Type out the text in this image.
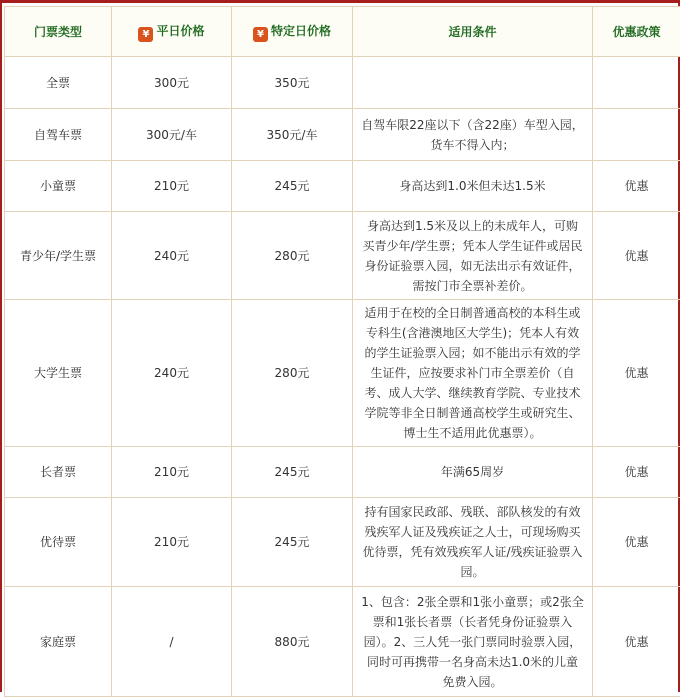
门票类型	¥ 平日价格	¥ 特定日价格	适用条件	优惠政策
全票	300元	350元		
自驾车票	300元/车	350元/车	自驾车限22座以下（含22座）车型入园，货车不得入内；	
小童票	210元	245元	身高达到1.0米但未达1.5米	优惠
青少年/学生票	240元	280元	身高达到1.5米及以上的未成年人，可购买青少年/学生票；凭本人学生证件或居民身份证验票入园，如无法出示有效证件，需按门市全票补差价。	优惠
大学生票	240元	280元	适用于在校的全日制普通高校的本科生或专科生(含港澳地区大学生)；凭本人有效的学生证验票入园；如不能出示有效的学生证件，应按要求补门市全票差价（自考、成人大学、继续教育学院、专业技术学院等非全日制普通高校学生或研究生、博士生不适用此优惠票）。	优惠
长者票	210元	245元	年满65周岁	优惠
优待票	210元	245元	持有国家民政部、残联、部队核发的有效残疾军人证及残疾证之人士，可现场购买优待票，凭有效残疾军人证/残疾证验票入园。	优惠
家庭票	/	880元	1、包含：2张全票和1张小童票；或2张全票和1张长者票（长者凭身份证验票入园）。2、三人凭一张门票同时验票入园，同时可再携带一名身高未达1.0米的儿童免费入园。	优惠
